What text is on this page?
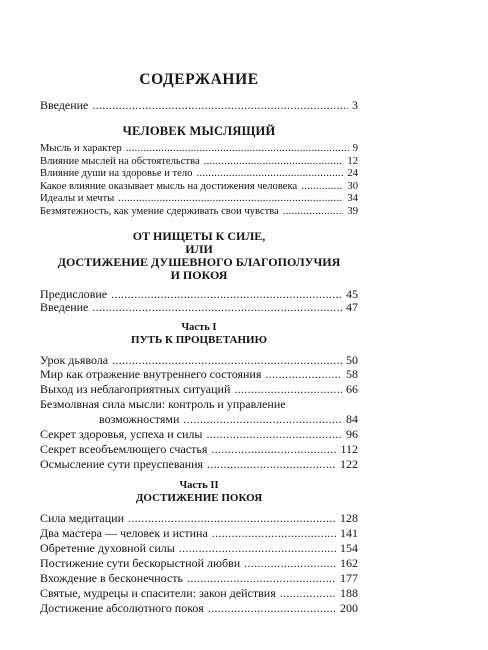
СОДЕРЖАНИЕ
Введение .....	3
ЧЕЛОВЕК МЫСЛЯЩИЙ
Мысль и характер .....	9
Влияние мыслей на обстоятельства .....	12
Влияние души на здоровье и тело .....	24
Какое влияние оказывает мысль на достижения человека .....	30
Идеалы и мечты .....	34
Безмятежность, как умение сдерживать свои чувства .....	39
ОТ НИЩЕТЫ К СИЛЕ,
ИЛИ
ДОСТИЖЕНИЕ ДУШЕВНОГО БЛАГОПОЛУЧИЯ
И ПОКОЯ
Предисловие .....	45
Введение .....	47
Часть I
ПУТЬ К ПРОЦВЕТАНИЮ
Урок дьявола .....	50
Мир как отражение внутреннего состояния .....	58
Выход из неблагоприятных ситуаций .....	66
Безмолвная сила мысли: контроль и управление
возможностями .....	84
Секрет здоровья, успеха и силы .....	96
Секрет всеобъемлющего счастья .....	112
Осмысление сути преуспевания .....	122
Часть II
ДОСТИЖЕНИЕ ПОКОЯ
Сила медитации .....	128
Два мастера — человек и истина .....	141
Обретение духовной силы .....	154
Постижение сути бескорыстной любви .....	162
Вхождение в бесконечность .....	177
Святые, мудрецы и спасители: закон действия .....	188
Достижение абсолютного покоя .....	200
